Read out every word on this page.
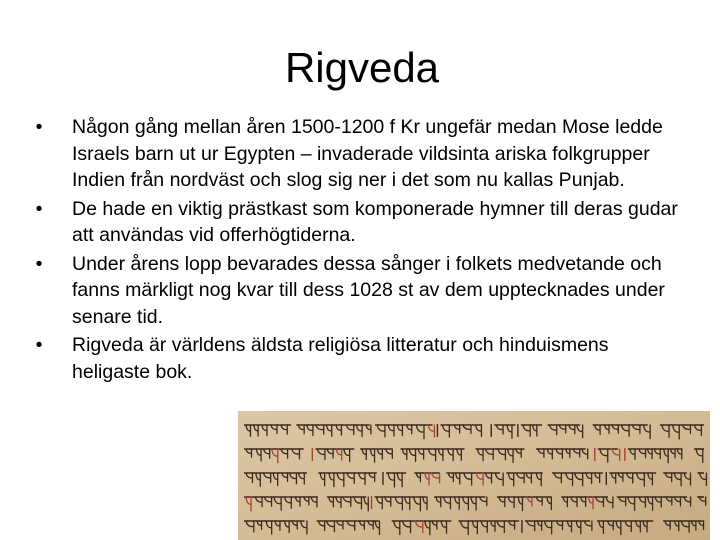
Rigveda
• Någon gång mellan åren 1500-1200 f Kr ungefär medan Mose ledde Israels barn ut ur Egypten – invaderade vildsinta ariska folkgrupper Indien från nordväst och slog sig ner i det som nu kallas Punjab.
• De hade en viktig prästkast som komponerade hymner till deras gudar att användas vid offerhögtiderna.
• Under årens lopp bevarades dessa sånger i folkets medvetande och fanns märkligt nog kvar till dess 1028 st av dem upptecknades under senare tid.
• Rigveda är världens äldsta religiösa litteratur och hinduismens heligaste bok.
